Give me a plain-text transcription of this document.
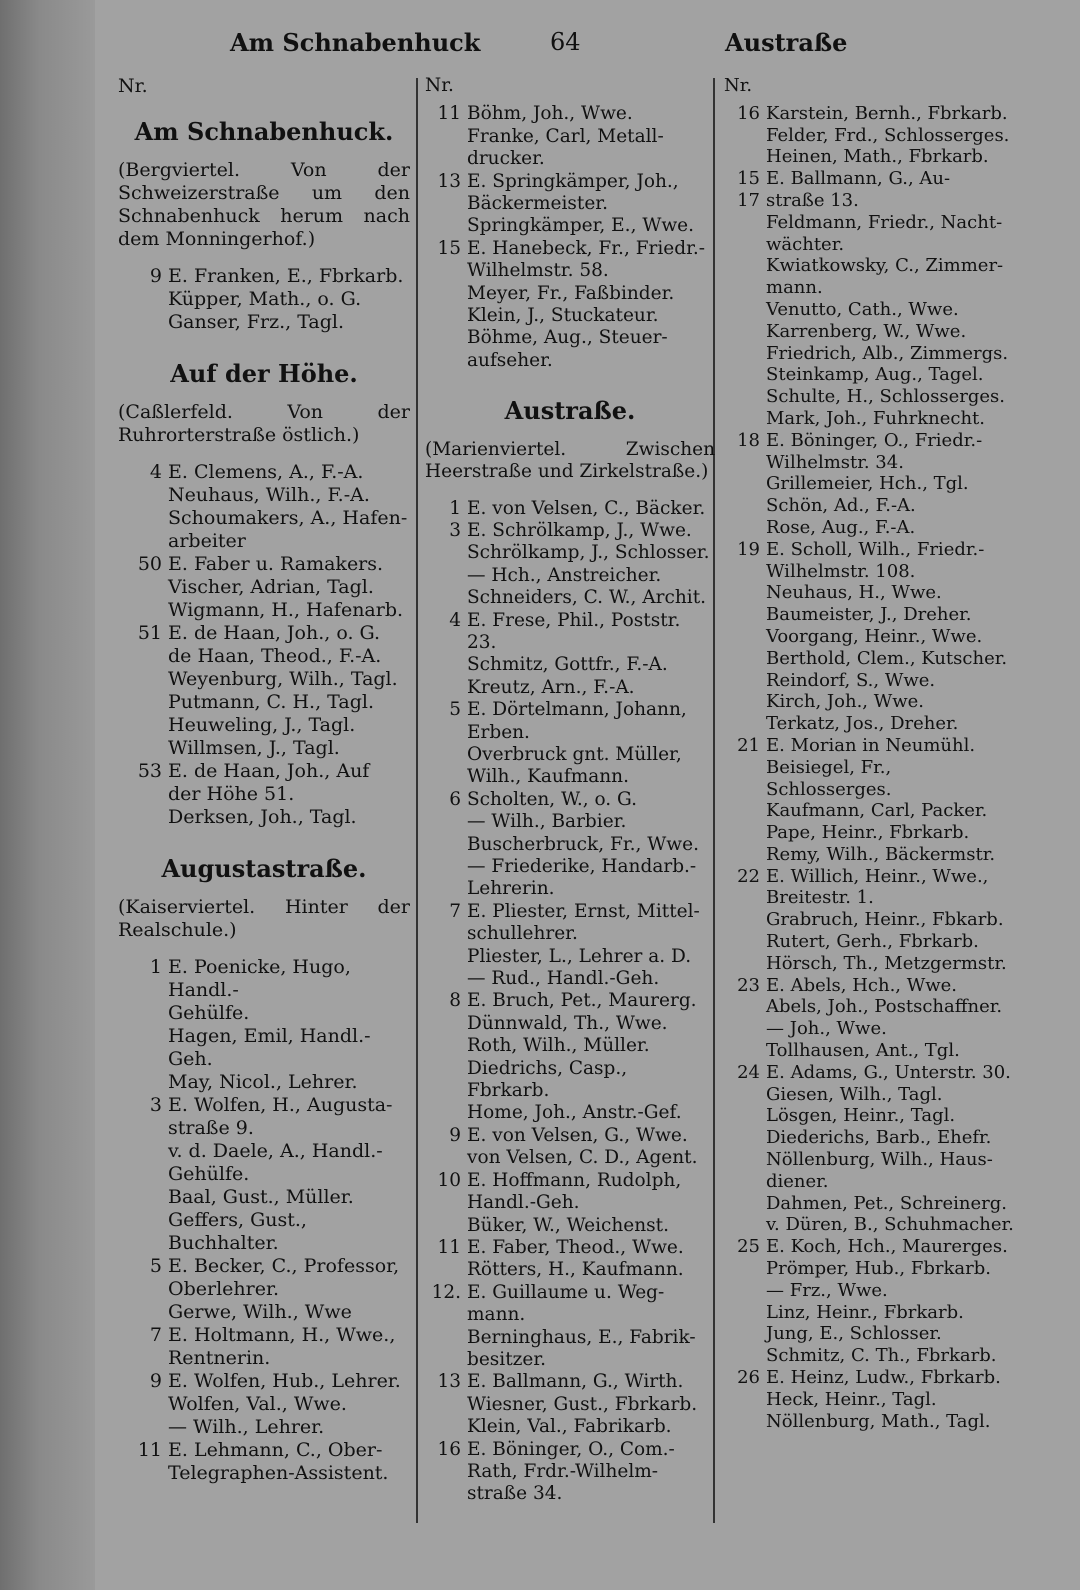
Am Schnabenhuck	64	Austraße
Nr.
Am Schnabenhuck.
(Bergviertel. Von der Schweizerstraße um den Schnabenhuck herum nach dem Monningerhof.)
9 E. Franken, E., Fbrkarb.
Küpper, Math., o. G.
Ganser, Frz., Tagl.
Auf der Höhe.
(Caßlerfeld. Von der Ruhrorterstraße östlich.)
4 E. Clemens, A., F.-A.
Neuhaus, Wilh., F.-A.
Schoumakers, A., Hafen-
arbeiter
50 E. Faber u. Ramakers.
Vischer, Adrian, Tagl.
Wigmann, H., Hafenarb.
51 E. de Haan, Joh., o. G.
de Haan, Theod., F.-A.
Weyenburg, Wilh., Tagl.
Putmann, C. H., Tagl.
Heuweling, J., Tagl.
Willmsen, J., Tagl.
53 E. de Haan, Joh., Auf
der Höhe 51.
Derksen, Joh., Tagl.
Augustastraße.
(Kaiserviertel. Hinter der Realschule.)
1 E. Poenicke, Hugo, Handl.-
Gehülfe.
Hagen, Emil, Handl.-Geh.
May, Nicol., Lehrer.
3 E. Wolfen, H., Augusta-
straße 9.
v. d. Daele, A., Handl.-
Gehülfe.
Baal, Gust., Müller.
Geffers, Gust., Buchhalter.
5 E. Becker, C., Professor,
Oberlehrer.
Gerwe, Wilh., Wwe
7 E. Holtmann, H., Wwe.,
Rentnerin.
9 E. Wolfen, Hub., Lehrer.
Wolfen, Val., Wwe.
— Wilh., Lehrer.
11 E. Lehmann, C., Ober-
Telegraphen-Assistent.
Nr.
11 Böhm, Joh., Wwe.
Franke, Carl, Metall-
drucker.
13 E. Springkämper, Joh.,
Bäckermeister.
Springkämper, E., Wwe.
15 E. Hanebeck, Fr., Friedr.-
Wilhelmstr. 58.
Meyer, Fr., Faßbinder.
Klein, J., Stuckateur.
Böhme, Aug., Steuer-
aufseher.
Austraße.
(Marienviertel. Zwischen Heerstraße und Zirkelstraße.)
1 E. von Velsen, C., Bäcker.
3 E. Schrölkamp, J., Wwe.
Schrölkamp, J., Schlosser.
— Hch., Anstreicher.
Schneiders, C. W., Archit.
4 E. Frese, Phil., Poststr. 23.
Schmitz, Gottfr., F.-A.
Kreutz, Arn., F.-A.
5 E. Dörtelmann, Johann,
Erben.
Overbruck gnt. Müller,
Wilh., Kaufmann.
6 Scholten, W., o. G.
— Wilh., Barbier.
Buscherbruck, Fr., Wwe.
— Friederike, Handarb.-
Lehrerin.
7 E. Pliester, Ernst, Mittel-
schullehrer.
Pliester, L., Lehrer a. D.
— Rud., Handl.-Geh.
8 E. Bruch, Pet., Maurerg.
Dünnwald, Th., Wwe.
Roth, Wilh., Müller.
Diedrichs, Casp., Fbrkarb.
Home, Joh., Anstr.-Gef.
9 E. von Velsen, G., Wwe.
von Velsen, C. D., Agent.
10 E. Hoffmann, Rudolph,
Handl.-Geh.
Büker, W., Weichenst.
11 E. Faber, Theod., Wwe.
Rötters, H., Kaufmann.
12. E. Guillaume u. Weg-
mann.
Berninghaus, E., Fabrik-
besitzer.
13 E. Ballmann, G., Wirth.
Wiesner, Gust., Fbrkarb.
Klein, Val., Fabrikarb.
16 E. Böninger, O., Com.-
Rath, Frdr.-Wilhelm-
straße 34.
Nr.
16 Karstein, Bernh., Fbrkarb.
Felder, Frd., Schlosserges.
Heinen, Math., Fbrkarb.
15 17
E. Ballmann, G., Au-
straße 13.
Feldmann, Friedr., Nacht-
wächter.
Kwiatkowsky, C., Zimmer-
mann.
Venutto, Cath., Wwe.
Karrenberg, W., Wwe.
Friedrich, Alb., Zimmergs.
Steinkamp, Aug., Tagel.
Schulte, H., Schlosserges.
Mark, Joh., Fuhrknecht.
18 E. Böninger, O., Friedr.-
Wilhelmstr. 34.
Grillemeier, Hch., Tgl.
Schön, Ad., F.-A.
Rose, Aug., F.-A.
19 E. Scholl, Wilh., Friedr.-
Wilhelmstr. 108.
Neuhaus, H., Wwe.
Baumeister, J., Dreher.
Voorgang, Heinr., Wwe.
Berthold, Clem., Kutscher.
Reindorf, S., Wwe.
Kirch, Joh., Wwe.
Terkatz, Jos., Dreher.
21 E. Morian in Neumühl.
Beisiegel, Fr., Schlosserges.
Kaufmann, Carl, Packer.
Pape, Heinr., Fbrkarb.
Remy, Wilh., Bäckermstr.
22 E. Willich, Heinr., Wwe.,
Breitestr. 1.
Grabruch, Heinr., Fbkarb.
Rutert, Gerh., Fbrkarb.
Hörsch, Th., Metzgermstr.
23 E. Abels, Hch., Wwe.
Abels, Joh., Postschaffner.
— Joh., Wwe.
Tollhausen, Ant., Tgl.
24 E. Adams, G., Unterstr. 30.
Giesen, Wilh., Tagl.
Lösgen, Heinr., Tagl.
Diederichs, Barb., Ehefr.
Nöllenburg, Wilh., Haus-
diener.
Dahmen, Pet., Schreinerg.
v. Düren, B., Schuhmacher.
25 E. Koch, Hch., Maurerges.
Prömper, Hub., Fbrkarb.
— Frz., Wwe.
Linz, Heinr., Fbrkarb.
Jung, E., Schlosser.
Schmitz, C. Th., Fbrkarb.
26 E. Heinz, Ludw., Fbrkarb.
Heck, Heinr., Tagl.
Nöllenburg, Math., Tagl.
